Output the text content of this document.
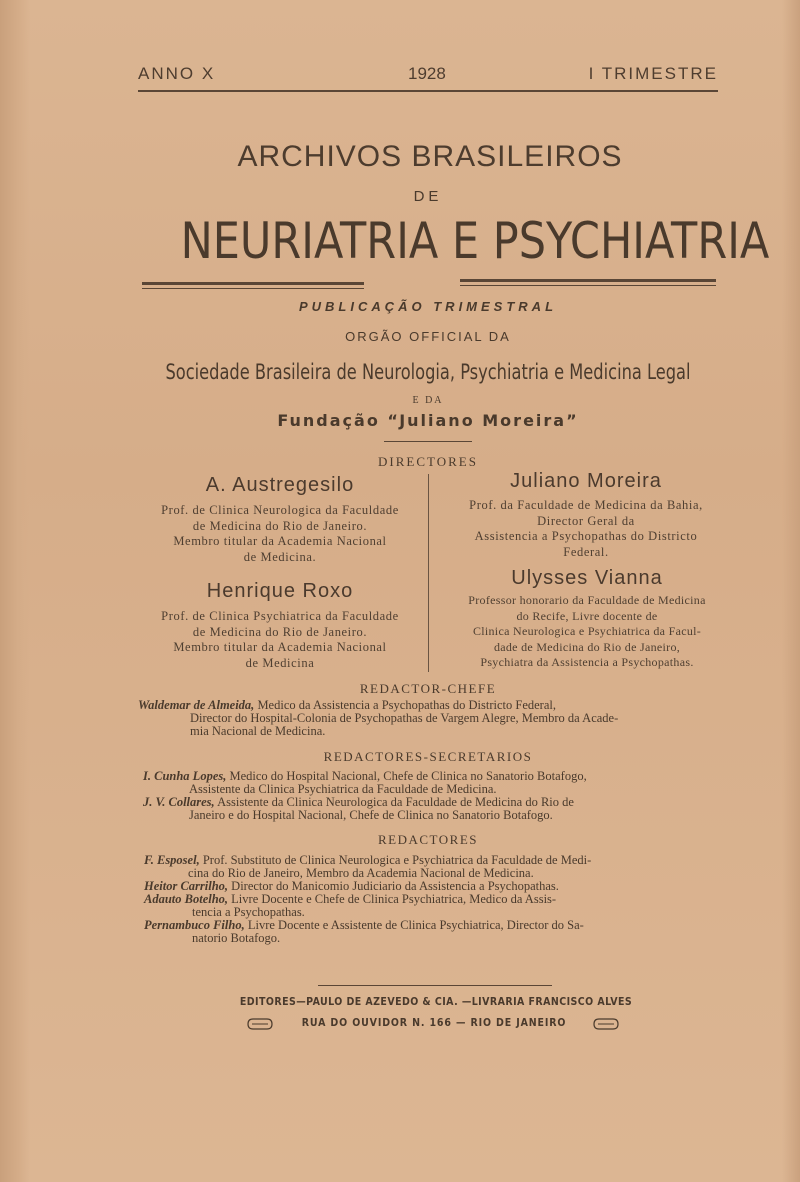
ANNO X	1928	I TRIMESTRE
ARCHIVOS BRASILEIROS
DE
NEURIATRIA E PSYCHIATRIA
PUBLICAÇÃO TRIMESTRAL
ORGÃO OFFICIAL DA
Sociedade Brasileira de Neurologia, Psychiatria e Medicina Legal
E DA
Fundação “Juliano Moreira”
DIRECTORES
A. Austregesilo
Prof. de Clinica Neurologica da Faculdade
de Medicina do Rio de Janeiro.
Membro titular da Academia Nacional
de Medicina.
Henrique Roxo
Prof. de Clinica Psychiatrica da Faculdade
de Medicina do Rio de Janeiro.
Membro titular da Academia Nacional
de Medicina
Juliano Moreira
Prof. da Faculdade de Medicina da Bahia,
Director Geral da
Assistencia a Psychopathas do Districto
Federal.
Ulysses Vianna
Professor honorario da Faculdade de Medicina
do Recife, Livre docente de
Clinica Neurologica e Psychiatrica da Facul-
dade de Medicina do Rio de Janeiro,
Psychiatra da Assistencia a Psychopathas.
REDACTOR-CHEFE

Waldemar de Almeida, Medico da Assistencia a Psychopathas do Districto Federal,

Director do Hospital-Colonia de Psychopathas de Vargem Alegre, Membro da Acade-

mia Nacional de Medicina.

REDACTORES-SECRETARIOS

I. Cunha Lopes, Medico do Hospital Nacional, Chefe de Clinica no Sanatorio Botafogo,

Assistente da Clinica Psychiatrica da Faculdade de Medicina.

J. V. Collares, Assistente da Clinica Neurologica da Faculdade de Medicina do Rio de

Janeiro e do Hospital Nacional, Chefe de Clinica no Sanatorio Botafogo.

REDACTORES

F. Esposel, Prof. Substituto de Clinica Neurologica e Psychiatrica da Faculdade de Medi-

cina do Rio de Janeiro, Membro da Academia Nacional de Medicina.

Heitor Carrilho, Director do Manicomio Judiciario da Assistencia a Psychopathas.

Adauto Botelho, Livre Docente e Chefe de Clinica Psychiatrica, Medico da Assis-

tencia a Psychopathas.

Pernambuco Filho, Livre Docente e Assistente de Clinica Psychiatrica, Director do Sa-

natorio Botafogo.

EDITORES—PAULO DE AZEVEDO & CIA. —LIVRARIA FRANCISCO ALVES
RUA DO OUVIDOR N. 166 — RIO DE JANEIRO
